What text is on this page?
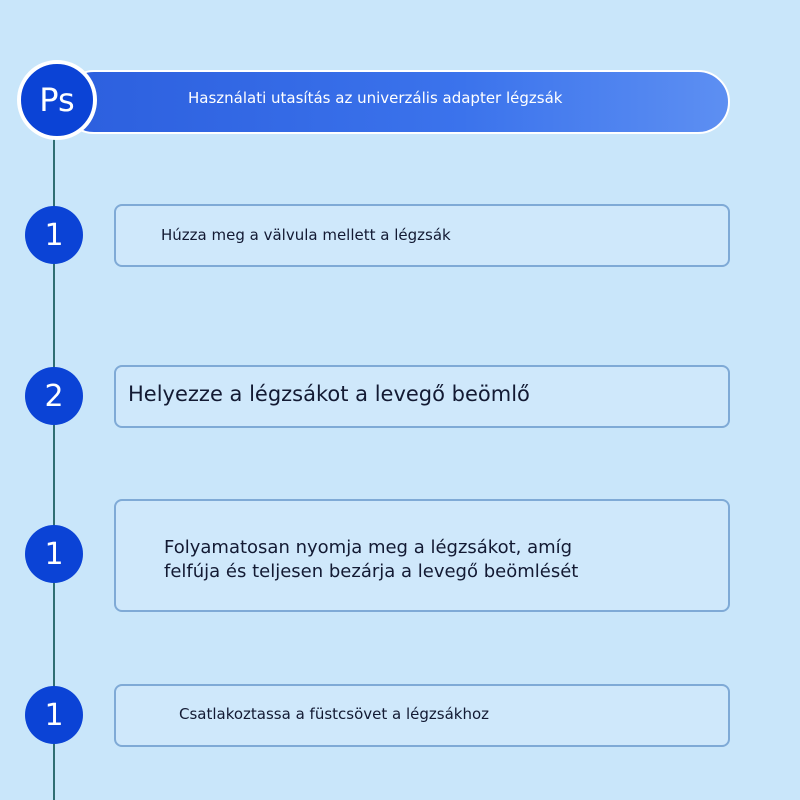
Használati utasítás az univerzális adapter légzsák
Ps
1	Húzza meg a välvula mellett a légzsák
2	Helyezze a légzsákot a levegő beömlő
1	Folyamatosan nyomja meg a légzsákot, amíg
felfúja és teljesen bezárja a levegő beömlését
1	Csatlakoztassa a füstcsövet a légzsákhoz
